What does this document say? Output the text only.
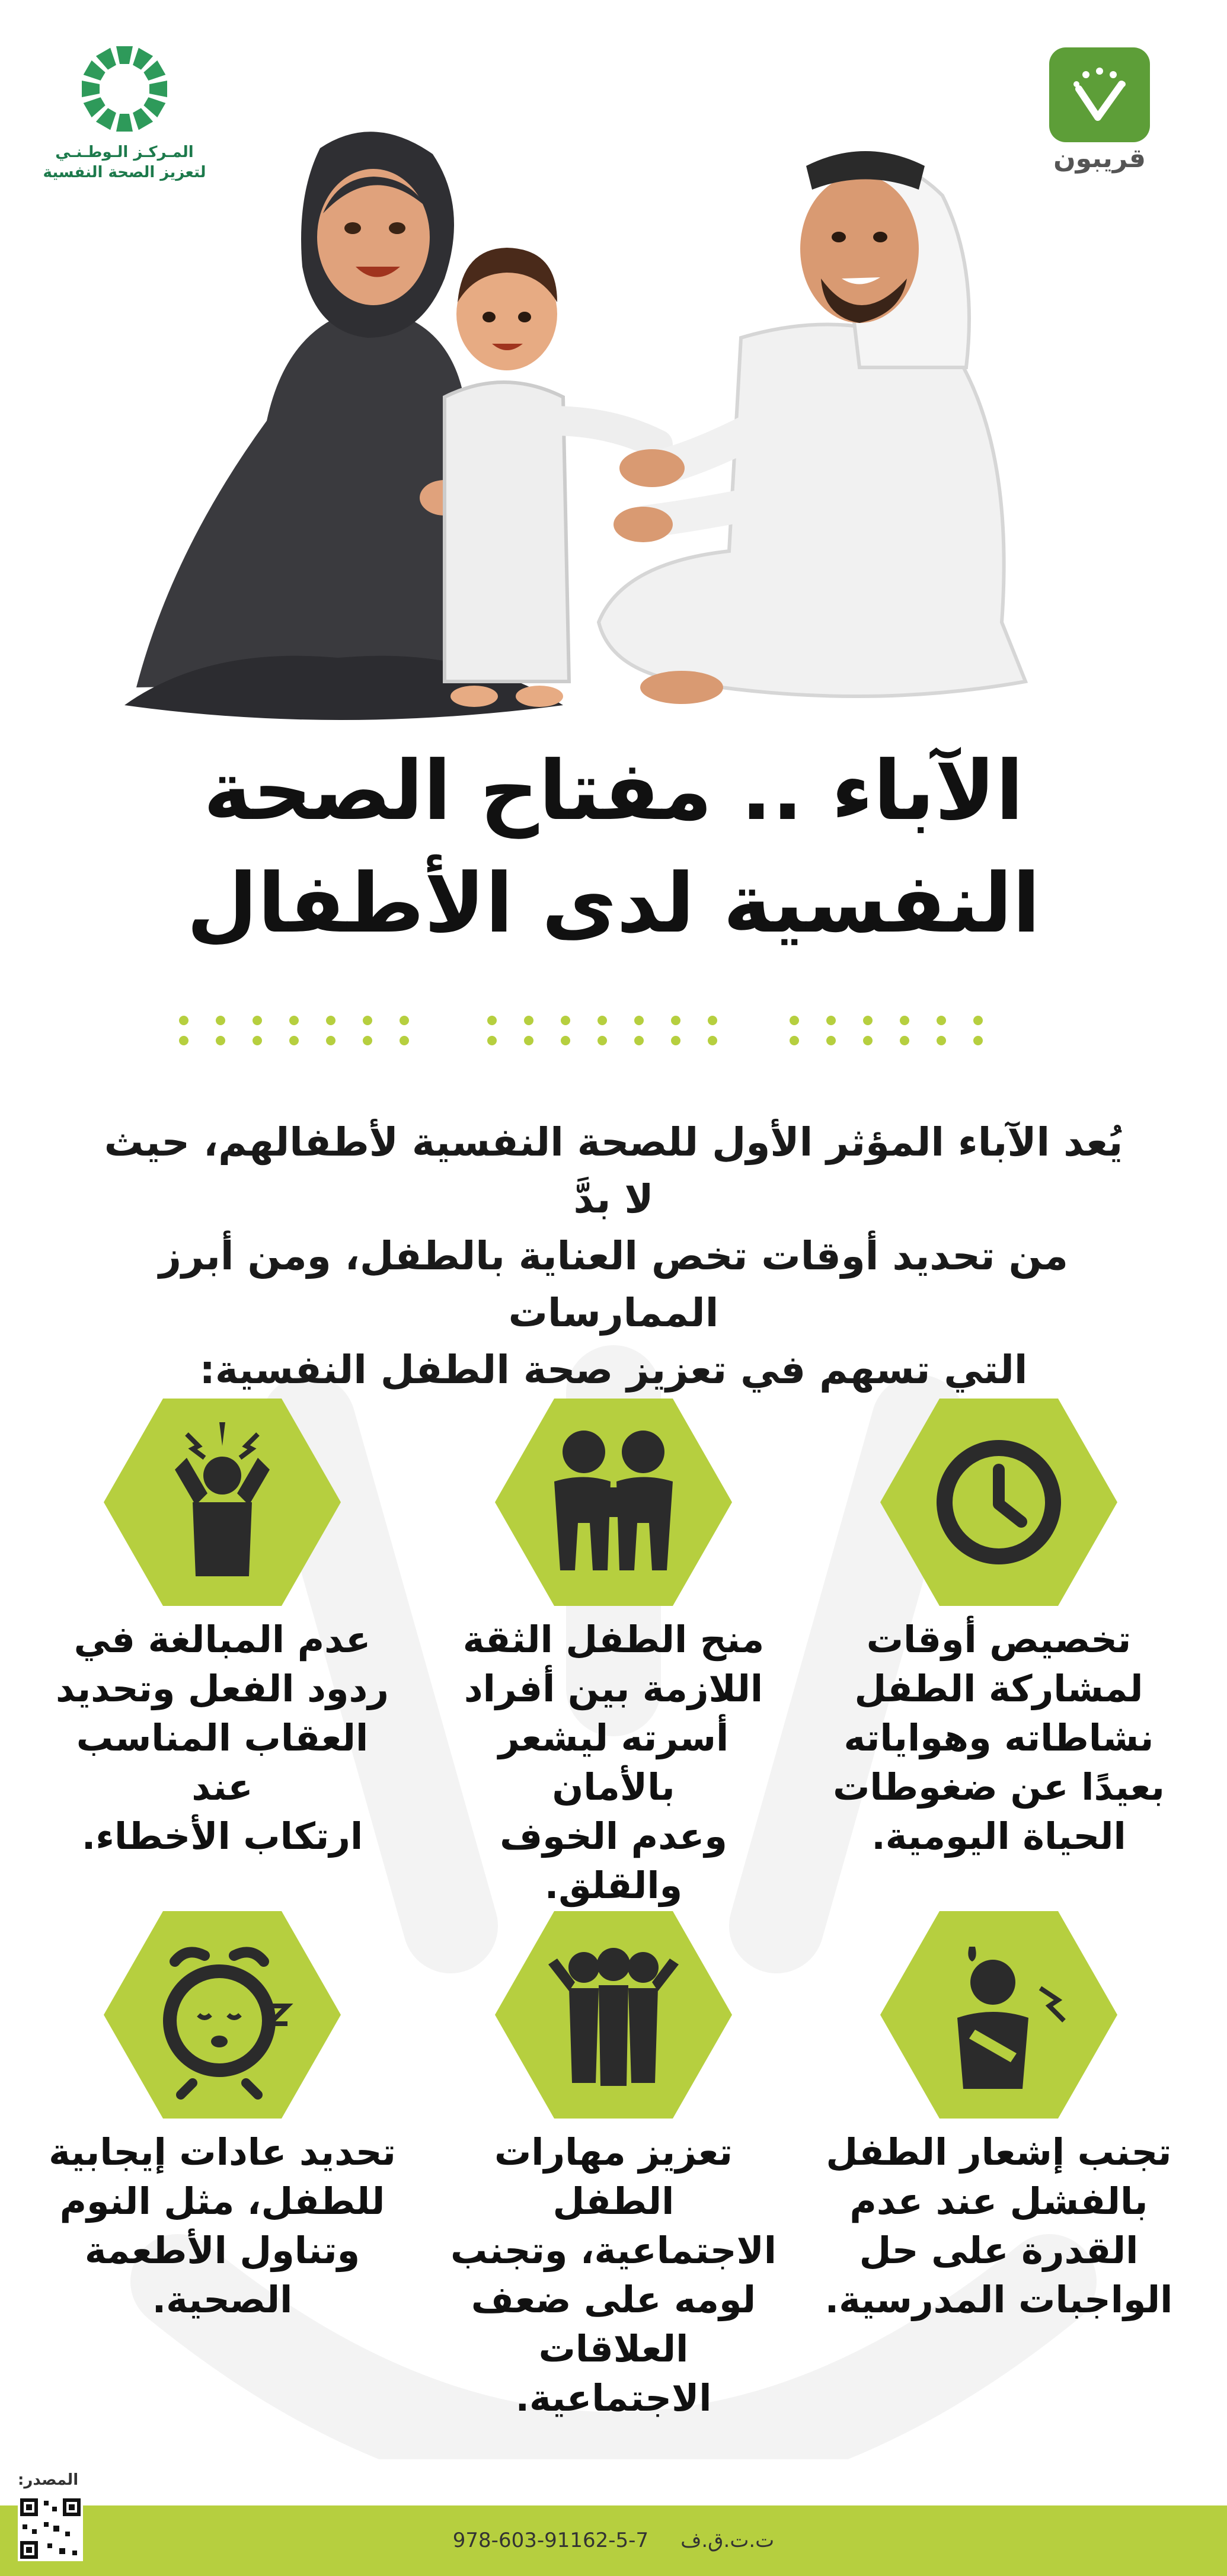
المـركـز الـوطـنـي
لتعزيز الصحة النفسية	قريبون
الآباء .. مفتاح الصحة
النفسية لدى الأطفال
يُعد الآباء المؤثر الأول للصحة النفسية لأطفالهم، حيث لا بدَّ
من تحديد أوقات تخص العناية بالطفل، ومن أبرز الممارسات
التي تسهم في تعزيز صحة الطفل النفسية:
تخصيص أوقات
لمشاركة الطفل
نشاطاته وهواياته
بعيدًا عن ضغوطات
الحياة اليومية.
منح الطفل الثقة
اللازمة بين أفراد
أسرته ليشعر بالأمان
وعدم الخوف والقلق.
عدم المبالغة في
ردود الفعل وتحديد
العقاب المناسب عند
ارتكاب الأخطاء.
تجنب إشعار الطفل
بالفشل عند عدم
القدرة على حل
الواجبات المدرسية.
تعزيز مهارات الطفل
الاجتماعية، وتجنب
لومه على ضعف
العلاقات الاجتماعية.
تحديد عادات إيجابية
للطفل، مثل النوم
وتناول الأطعمة
الصحية.
المصدر:
978-603-91162-5-7 ت.ت.ق.ف
